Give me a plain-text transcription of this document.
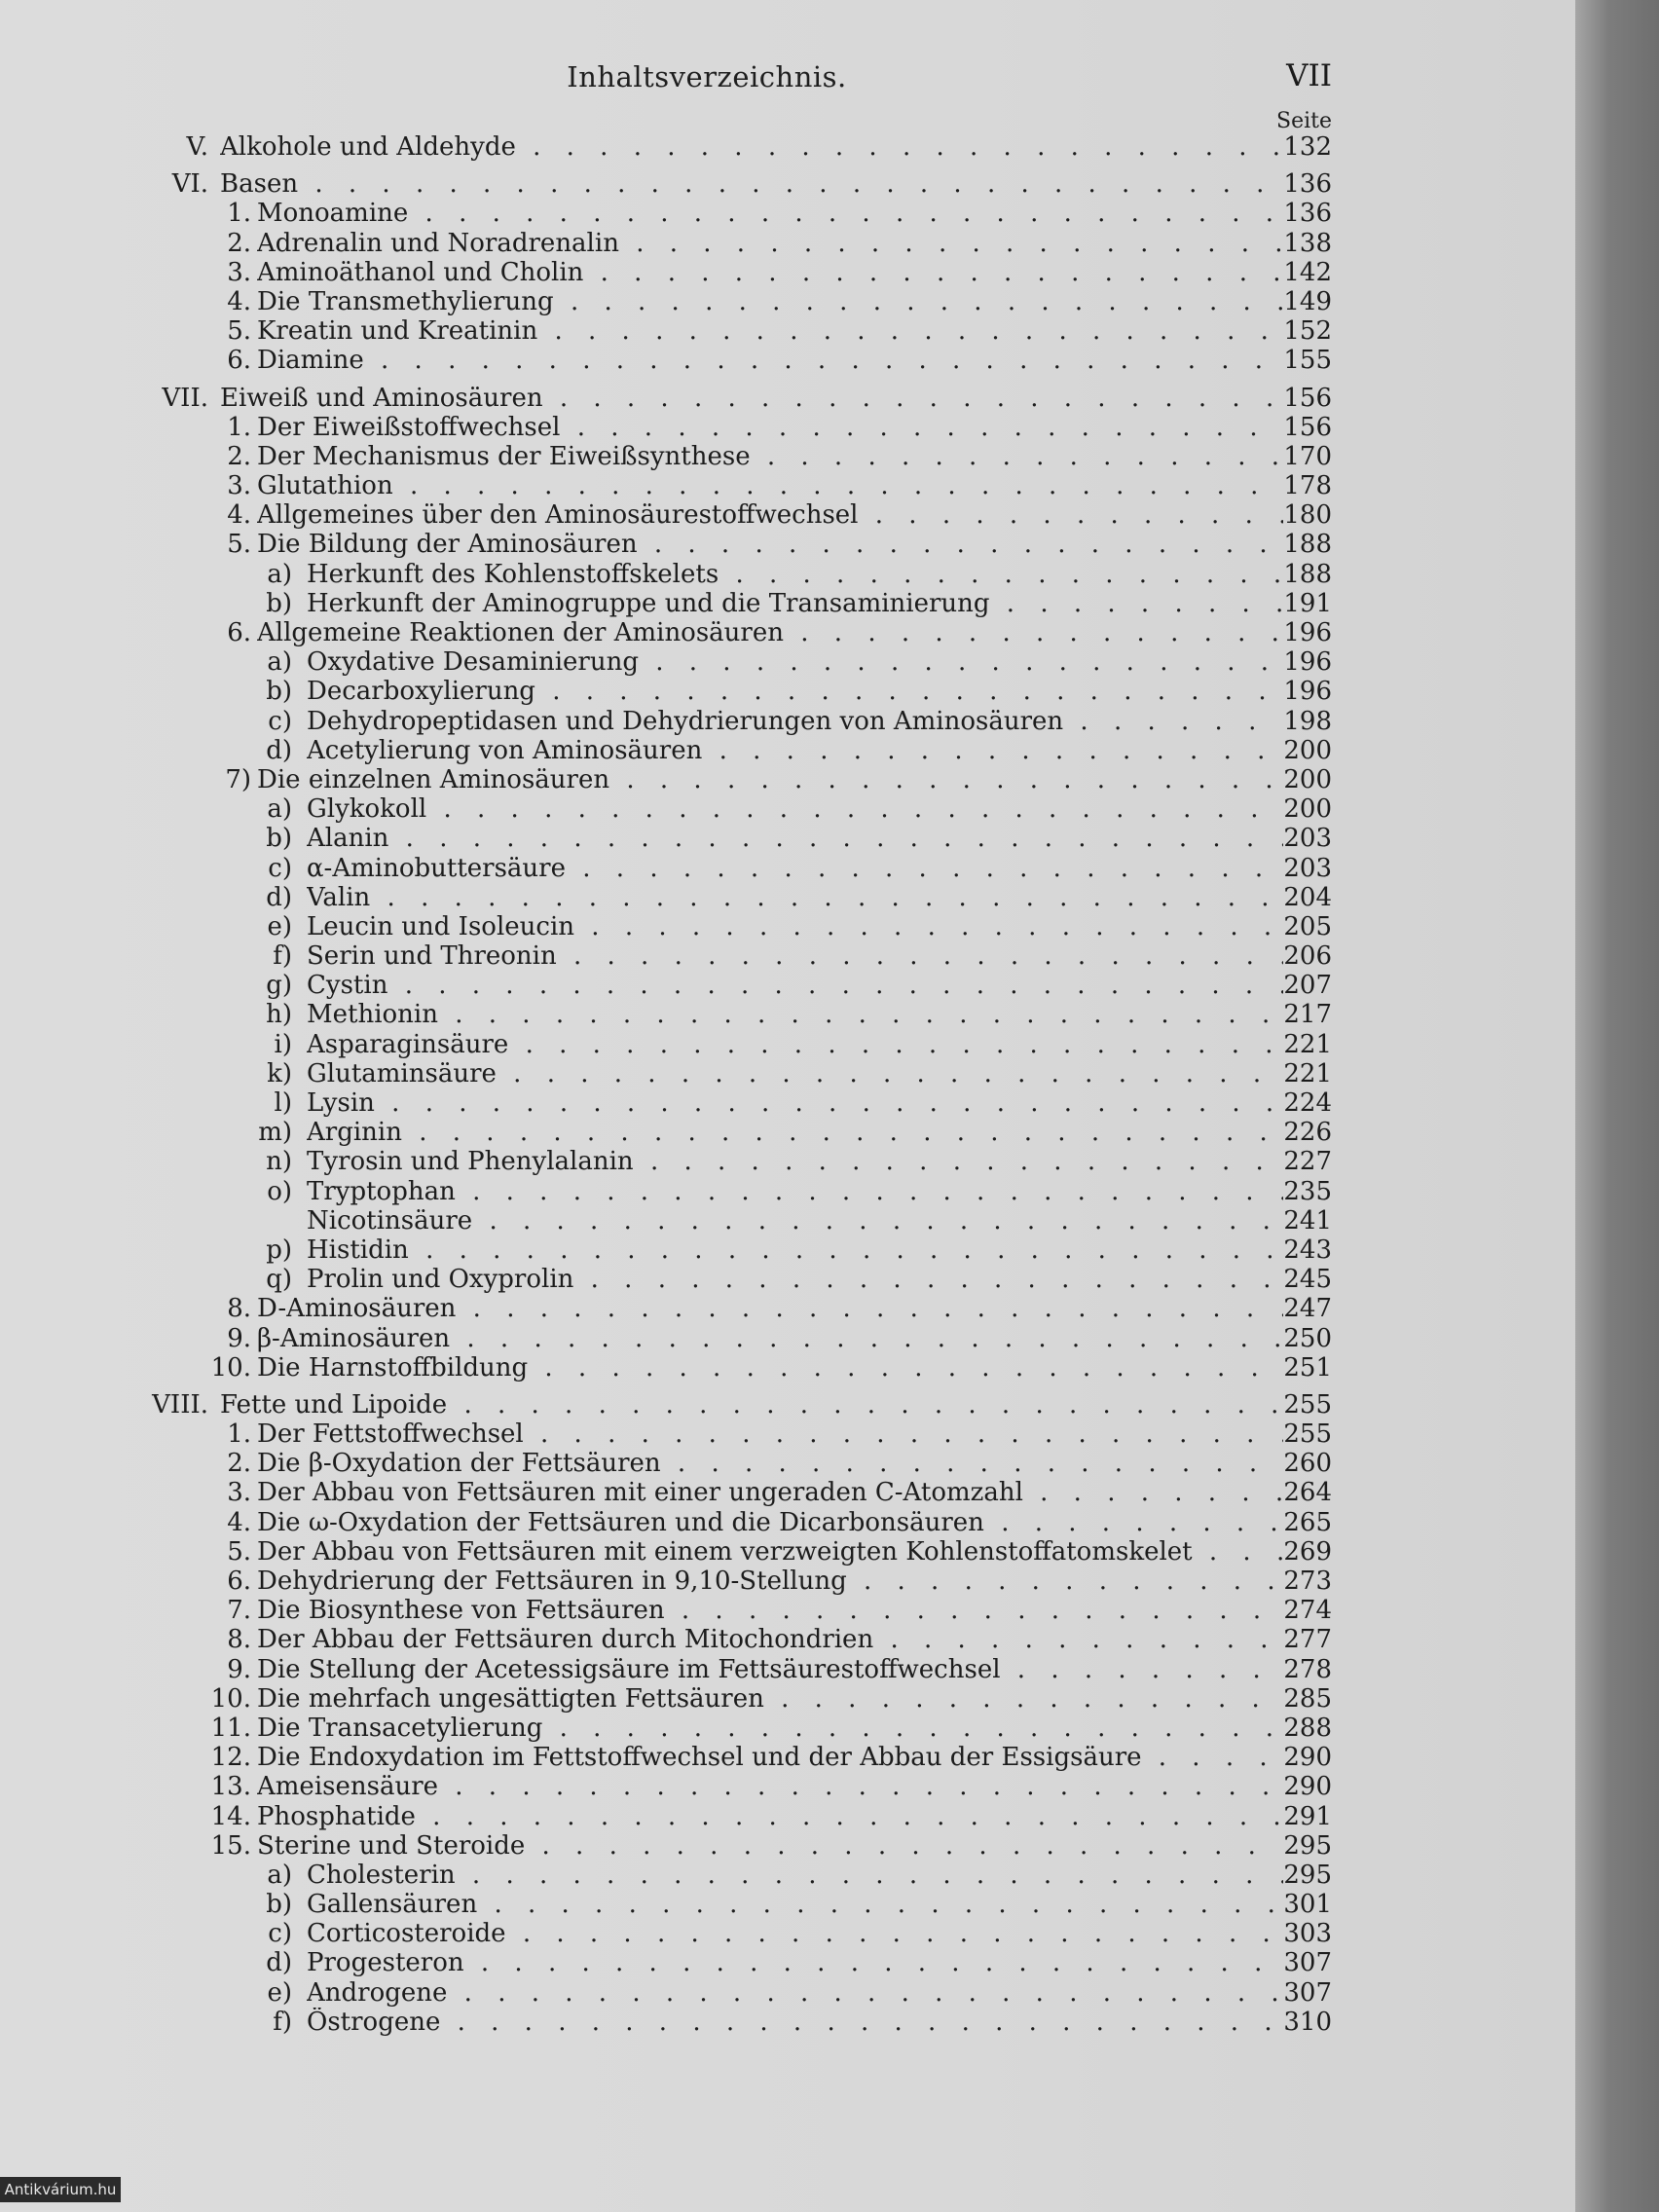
Inhaltsverzeichnis.	VII
Seite
V. Alkohole und Aldehyde . . .	132
VI. Basen . . .	136
1. Monoamine . . .	136
2. Adrenalin und Noradrenalin . . .	138
3. Aminoäthanol und Cholin . . .	142
4. Die Transmethylierung . . .	149
5. Kreatin und Kreatinin . . .	152
6. Diamine . . .	155
VII. Eiweiß und Aminosäuren . . .	156
1. Der Eiweißstoffwechsel . . .	156
2. Der Mechanismus der Eiweißsynthese . . .	170
3. Glutathion . . .	178
4. Allgemeines über den Aminosäurestoffwechsel . . .	180
5. Die Bildung der Aminosäuren . . .	188
a) Herkunft des Kohlenstoffskelets . . .	188
b) Herkunft der Aminogruppe und die Transaminierung . . .	191
6. Allgemeine Reaktionen der Aminosäuren . . .	196
a) Oxydative Desaminierung . . .	196
b) Decarboxylierung . . .	196
c) Dehydropeptidasen und Dehydrierungen von Aminosäuren . . .	198
d) Acetylierung von Aminosäuren . . .	200
7) Die einzelnen Aminosäuren . . .	200
a) Glykokoll . . .	200
b) Alanin . . .	203
c) α-Aminobuttersäure . . .	203
d) Valin . . .	204
e) Leucin und Isoleucin . . .	205
f) Serin und Threonin . . .	206
g) Cystin . . .	207
h) Methionin . . .	217
i) Asparaginsäure . . .	221
k) Glutaminsäure . . .	221
l) Lysin . . .	224
m) Arginin . . .	226
n) Tyrosin und Phenylalanin . . .	227
o) Tryptophan . . .	235
Nicotinsäure . . .	241
p) Histidin . . .	243
q) Prolin und Oxyprolin . . .	245
8. D-Aminosäuren . . .	247
9. β-Aminosäuren . . .	250
10. Die Harnstoffbildung . . .	251
VIII. Fette und Lipoide . . .	255
1. Der Fettstoffwechsel . . .	255
2. Die β-Oxydation der Fettsäuren . . .	260
3. Der Abbau von Fettsäuren mit einer ungeraden C-Atomzahl . . .	264
4. Die ω-Oxydation der Fettsäuren und die Dicarbonsäuren . . .	265
5. Der Abbau von Fettsäuren mit einem verzweigten Kohlenstoffatomskelet . . .	269
6. Dehydrierung der Fettsäuren in 9,10-Stellung . . .	273
7. Die Biosynthese von Fettsäuren . . .	274
8. Der Abbau der Fettsäuren durch Mitochondrien . . .	277
9. Die Stellung der Acetessigsäure im Fettsäurestoffwechsel . . .	278
10. Die mehrfach ungesättigten Fettsäuren . . .	285
11. Die Transacetylierung . . .	288
12. Die Endoxydation im Fettstoffwechsel und der Abbau der Essigsäure . . .	290
13. Ameisensäure . . .	290
14. Phosphatide . . .	291
15. Sterine und Steroide . . .	295
a) Cholesterin . . .	295
b) Gallensäuren . . .	301
c) Corticosteroide . . .	303
d) Progesteron . . .	307
e) Androgene . . .	307
f) Östrogene . . .	310
Antikvárium.hu
